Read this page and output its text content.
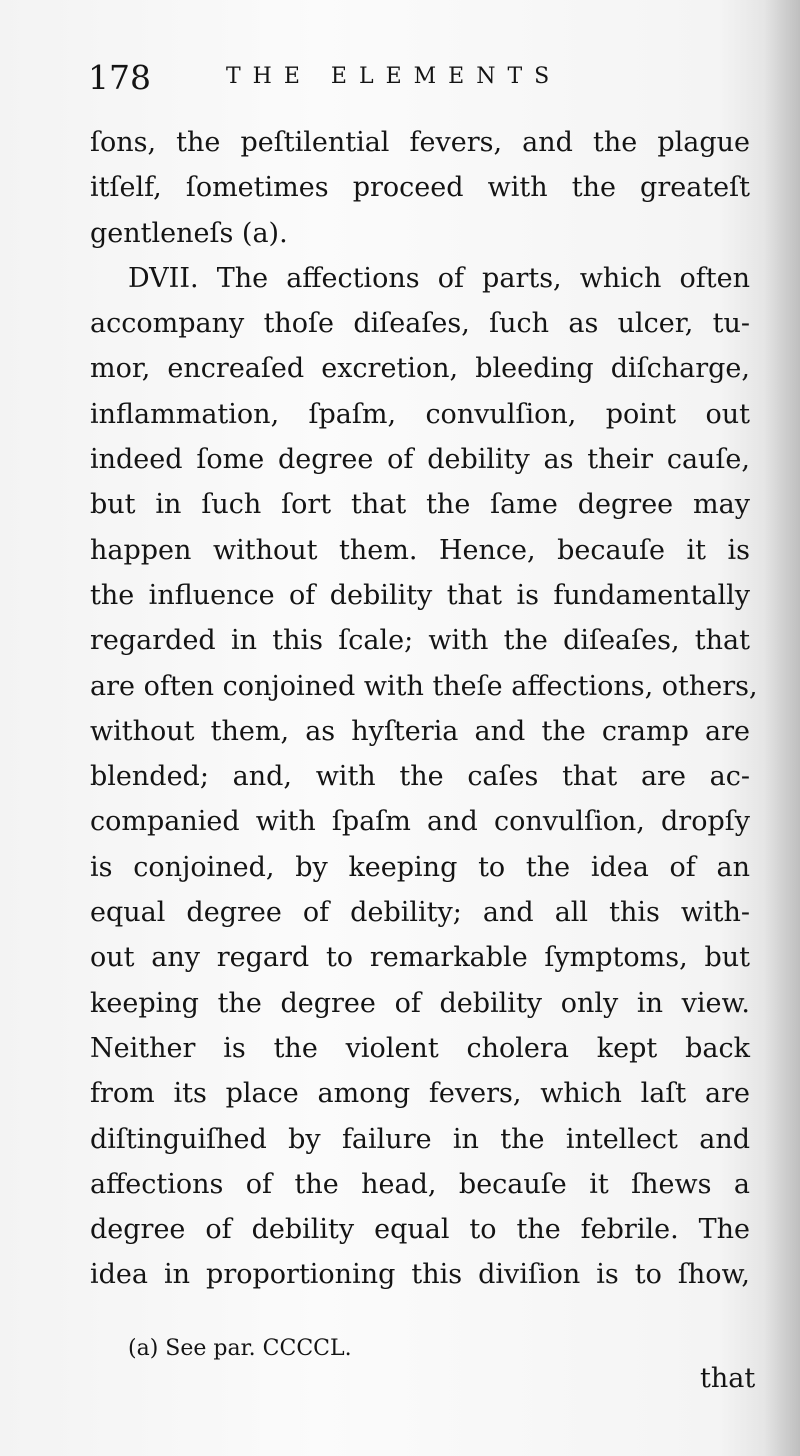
178	THE ELEMENTS
ſons, the peſtilential fevers, and the plague
itſelf, ſometimes proceed with the greateſt
gentleneſs (a).
DVII. The affections of parts, which often
accompany thoſe diſeaſes, ſuch as ulcer, tu-
mor, encreaſed excretion, bleeding diſcharge,
inflammation, ſpaſm, convulſion, point out
indeed ſome degree of debility as their cauſe,
but in ſuch ſort that the ſame degree may
happen without them. Hence, becauſe it is
the influence of debility that is fundamentally
regarded in this ſcale; with the diſeaſes, that
are often conjoined with theſe affections, others,
without them, as hyſteria and the cramp are
blended; and, with the caſes that are ac-
companied with ſpaſm and convulſion, dropſy
is conjoined, by keeping to the idea of an
equal degree of debility; and all this with-
out any regard to remarkable ſymptoms, but
keeping the degree of debility only in view.
Neither is the violent cholera kept back
from its place among fevers, which laſt are
diſtinguiſhed by failure in the intellect and
affections of the head, becauſe it ſhews a
degree of debility equal to the febrile. The
idea in proportioning this diviſion is to ſhow,
(a) See par. CCCCL.
that
